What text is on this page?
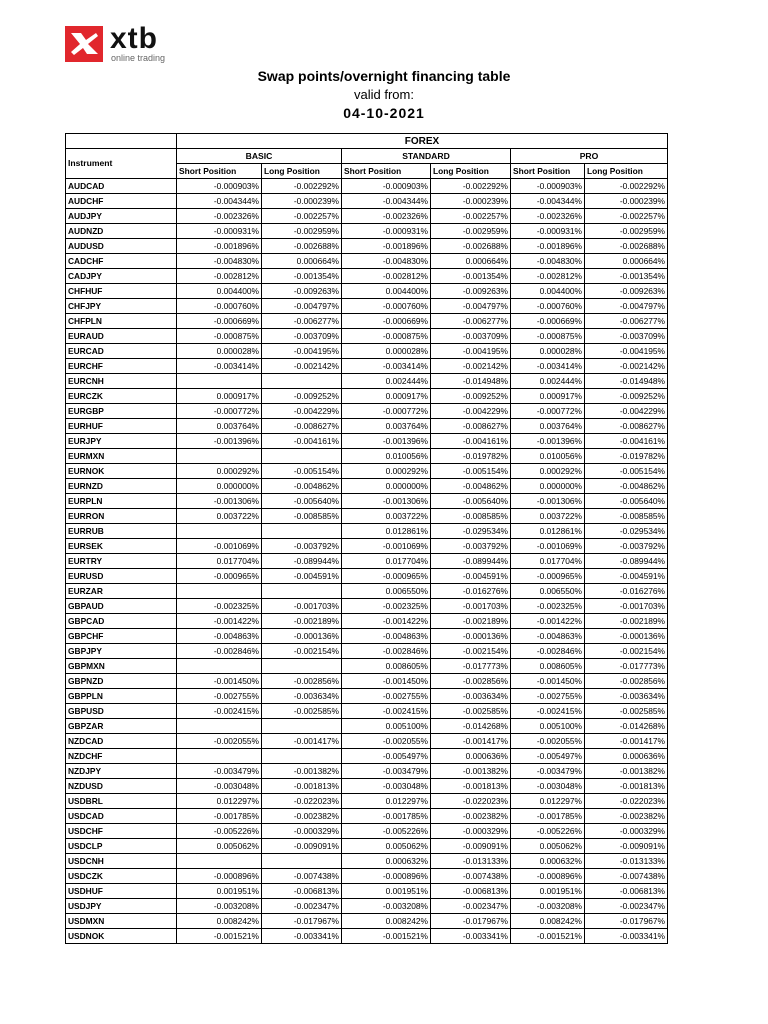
xtb
online trading
Swap points/overnight financing table
valid from:
04-10-2021
	FOREX					
Instrument	BASIC		STANDARD		PRO	
	Short Position	Long Position	Short Position	Long Position	Short Position	Long Position
AUDCAD	-0.000903%	-0.002292%	-0.000903%	-0.002292%	-0.000903%	-0.002292%
AUDCHF	-0.004344%	-0.000239%	-0.004344%	-0.000239%	-0.004344%	-0.000239%
AUDJPY	-0.002326%	-0.002257%	-0.002326%	-0.002257%	-0.002326%	-0.002257%
AUDNZD	-0.000931%	-0.002959%	-0.000931%	-0.002959%	-0.000931%	-0.002959%
AUDUSD	-0.001896%	-0.002688%	-0.001896%	-0.002688%	-0.001896%	-0.002688%
CADCHF	-0.004830%	0.000664%	-0.004830%	0.000664%	-0.004830%	0.000664%
CADJPY	-0.002812%	-0.001354%	-0.002812%	-0.001354%	-0.002812%	-0.001354%
CHFHUF	0.004400%	-0.009263%	0.004400%	-0.009263%	0.004400%	-0.009263%
CHFJPY	-0.000760%	-0.004797%	-0.000760%	-0.004797%	-0.000760%	-0.004797%
CHFPLN	-0.000669%	-0.006277%	-0.000669%	-0.006277%	-0.000669%	-0.006277%
EURAUD	-0.000875%	-0.003709%	-0.000875%	-0.003709%	-0.000875%	-0.003709%
EURCAD	0.000028%	-0.004195%	0.000028%	-0.004195%	0.000028%	-0.004195%
EURCHF	-0.003414%	-0.002142%	-0.003414%	-0.002142%	-0.003414%	-0.002142%
EURCNH			0.002444%	-0.014948%	0.002444%	-0.014948%
EURCZK	0.000917%	-0.009252%	0.000917%	-0.009252%	0.000917%	-0.009252%
EURGBP	-0.000772%	-0.004229%	-0.000772%	-0.004229%	-0.000772%	-0.004229%
EURHUF	0.003764%	-0.008627%	0.003764%	-0.008627%	0.003764%	-0.008627%
EURJPY	-0.001396%	-0.004161%	-0.001396%	-0.004161%	-0.001396%	-0.004161%
EURMXN			0.010056%	-0.019782%	0.010056%	-0.019782%
EURNOK	0.000292%	-0.005154%	0.000292%	-0.005154%	0.000292%	-0.005154%
EURNZD	0.000000%	-0.004862%	0.000000%	-0.004862%	0.000000%	-0.004862%
EURPLN	-0.001306%	-0.005640%	-0.001306%	-0.005640%	-0.001306%	-0.005640%
EURRON	0.003722%	-0.008585%	0.003722%	-0.008585%	0.003722%	-0.008585%
EURRUB			0.012861%	-0.029534%	0.012861%	-0.029534%
EURSEK	-0.001069%	-0.003792%	-0.001069%	-0.003792%	-0.001069%	-0.003792%
EURTRY	0.017704%	-0.089944%	0.017704%	-0.089944%	0.017704%	-0.089944%
EURUSD	-0.000965%	-0.004591%	-0.000965%	-0.004591%	-0.000965%	-0.004591%
EURZAR			0.006550%	-0.016276%	0.006550%	-0.016276%
GBPAUD	-0.002325%	-0.001703%	-0.002325%	-0.001703%	-0.002325%	-0.001703%
GBPCAD	-0.001422%	-0.002189%	-0.001422%	-0.002189%	-0.001422%	-0.002189%
GBPCHF	-0.004863%	-0.000136%	-0.004863%	-0.000136%	-0.004863%	-0.000136%
GBPJPY	-0.002846%	-0.002154%	-0.002846%	-0.002154%	-0.002846%	-0.002154%
GBPMXN			0.008605%	-0.017773%	0.008605%	-0.017773%
GBPNZD	-0.001450%	-0.002856%	-0.001450%	-0.002856%	-0.001450%	-0.002856%
GBPPLN	-0.002755%	-0.003634%	-0.002755%	-0.003634%	-0.002755%	-0.003634%
GBPUSD	-0.002415%	-0.002585%	-0.002415%	-0.002585%	-0.002415%	-0.002585%
GBPZAR			0.005100%	-0.014268%	0.005100%	-0.014268%
NZDCAD	-0.002055%	-0.001417%	-0.002055%	-0.001417%	-0.002055%	-0.001417%
NZDCHF			-0.005497%	0.000636%	-0.005497%	0.000636%
NZDJPY	-0.003479%	-0.001382%	-0.003479%	-0.001382%	-0.003479%	-0.001382%
NZDUSD	-0.003048%	-0.001813%	-0.003048%	-0.001813%	-0.003048%	-0.001813%
USDBRL	0.012297%	-0.022023%	0.012297%	-0.022023%	0.012297%	-0.022023%
USDCAD	-0.001785%	-0.002382%	-0.001785%	-0.002382%	-0.001785%	-0.002382%
USDCHF	-0.005226%	-0.000329%	-0.005226%	-0.000329%	-0.005226%	-0.000329%
USDCLP	0.005062%	-0.009091%	0.005062%	-0.009091%	0.005062%	-0.009091%
USDCNH			0.000632%	-0.013133%	0.000632%	-0.013133%
USDCZK	-0.000896%	-0.007438%	-0.000896%	-0.007438%	-0.000896%	-0.007438%
USDHUF	0.001951%	-0.006813%	0.001951%	-0.006813%	0.001951%	-0.006813%
USDJPY	-0.003208%	-0.002347%	-0.003208%	-0.002347%	-0.003208%	-0.002347%
USDMXN	0.008242%	-0.017967%	0.008242%	-0.017967%	0.008242%	-0.017967%
USDNOK	-0.001521%	-0.003341%	-0.001521%	-0.003341%	-0.001521%	-0.003341%
